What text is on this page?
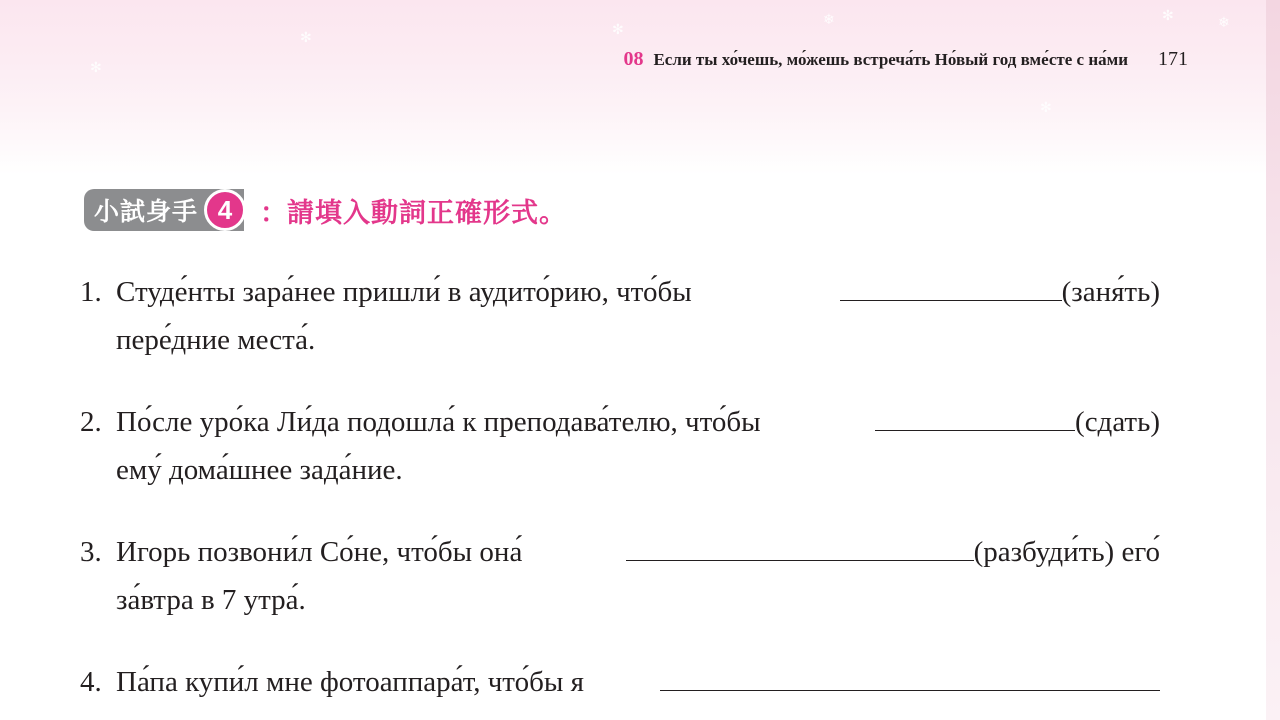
❄	❄
✻
✻
✻
✻
✻
08 Если ты хо́чешь, мо́жешь встреча́ть Но́вый год вме́сте с на́ми 171
小試身手 4	： 請填入動詞正確形式。
1. Студе́нты зара́нее пришли́ в аудито́рию, что́бы	(заня́ть)
пере́дние места́.
2. По́сле уро́ка Ли́да подошла́ к преподава́телю, что́бы	(сдать)
ему́ дома́шнее зада́ние.
3. Игорь позвони́л Со́не, что́бы она́	(разбуди́ть) его́
за́втра в 7 утра́.
4. Па́па купи́л мне фотоаппара́т, что́бы я
